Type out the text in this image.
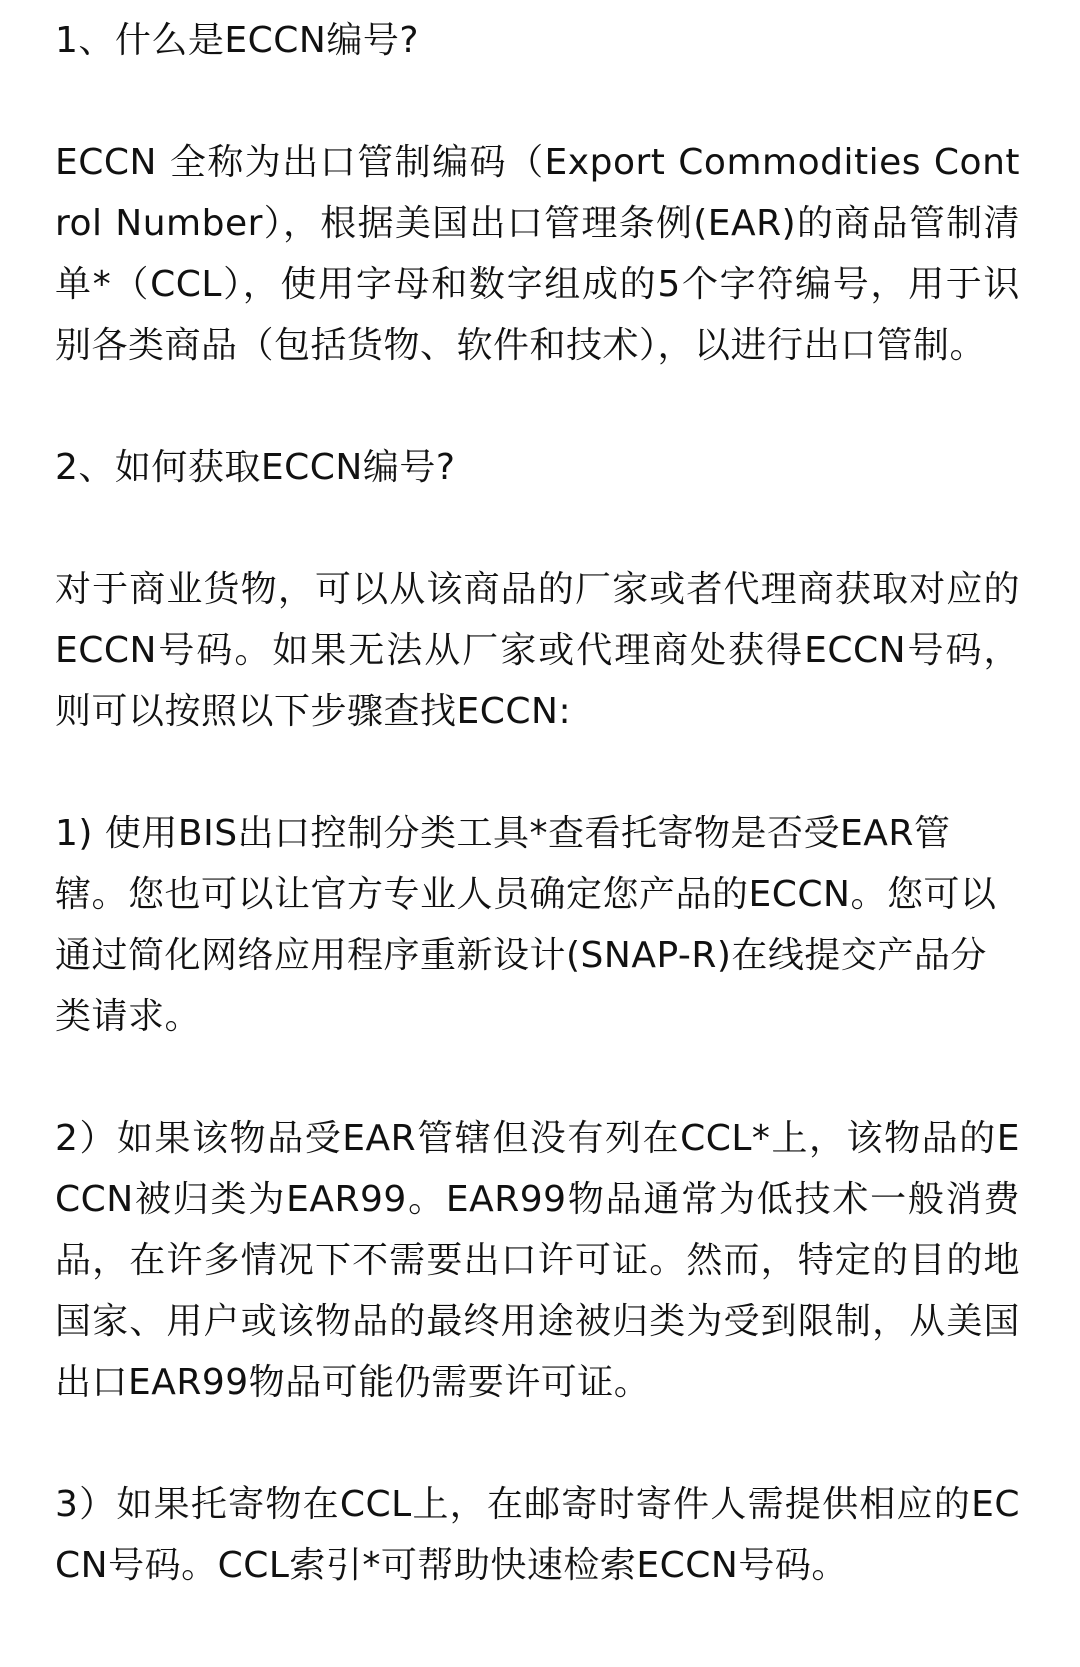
1、什么是ECCN编号?

ECCN 全称为出口管制编码（Export Commodities Control Number），根据美国出口管理条例(EAR)的商品管制清单*（CCL），使用字母和数字组成的5个字符编号，用于识别各类商品（包括货物、软件和技术），以进行出口管制。

2、如何获取ECCN编号?

对于商业货物，可以从该商品的厂家或者代理商获取对应的ECCN号码。如果无法从厂家或代理商处获得ECCN号码，则可以按照以下步骤查找ECCN:

1) 使用BIS出口控制分类工具*查看托寄物是否受EAR管辖。您也可以让官方专业人员确定您产品的ECCN。您可以通过简化网络应用程序重新设计(SNAP-R)在线提交产品分类请求。

2）如果该物品受EAR管辖但没有列在CCL*上，该物品的ECCN被归类为EAR99。EAR99物品通常为低技术一般消费品，在许多情况下不需要出口许可证。然而，特定的目的地国家、用户或该物品的最终用途被归类为受到限制，从美国出口EAR99物品可能仍需要许可证。

3）如果托寄物在CCL上，在邮寄时寄件人需提供相应的ECCN号码。CCL索引*可帮助快速检索ECCN号码。
